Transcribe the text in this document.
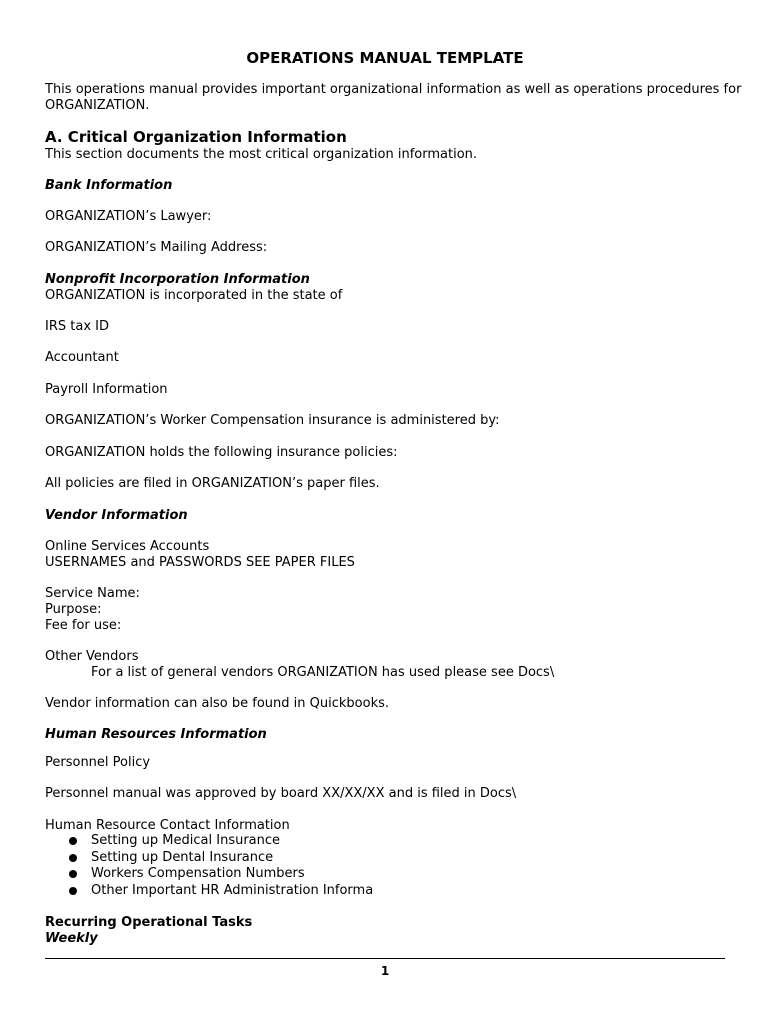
OPERATIONS MANUAL TEMPLATE

This operations manual provides important organizational information as well as operations procedures for

ORGANIZATION.

A. Critical Organization Information

This section documents the most critical organization information.

Bank Information

ORGANIZATION’s Lawyer:

ORGANIZATION’s Mailing Address:

Nonprofit Incorporation Information

ORGANIZATION is incorporated in the state of

IRS tax ID

Accountant

Payroll Information

ORGANIZATION’s Worker Compensation insurance is administered by:

ORGANIZATION holds the following insurance policies:

All policies are filed in ORGANIZATION’s paper files.

Vendor Information

Online Services Accounts

USERNAMES and PASSWORDS SEE PAPER FILES

Service Name:

Purpose:

Fee for use:

Other Vendors

For a list of general vendors ORGANIZATION has used please see Docs\

Vendor information can also be found in Quickbooks.

Human Resources Information

Personnel Policy

Personnel manual was approved by board XX/XX/XX and is filed in Docs\

Human Resource Contact Information

Setting up Medical Insurance
Setting up Dental Insurance
Workers Compensation Numbers
Other Important HR Administration Informa

Recurring Operational Tasks

Weekly

1
